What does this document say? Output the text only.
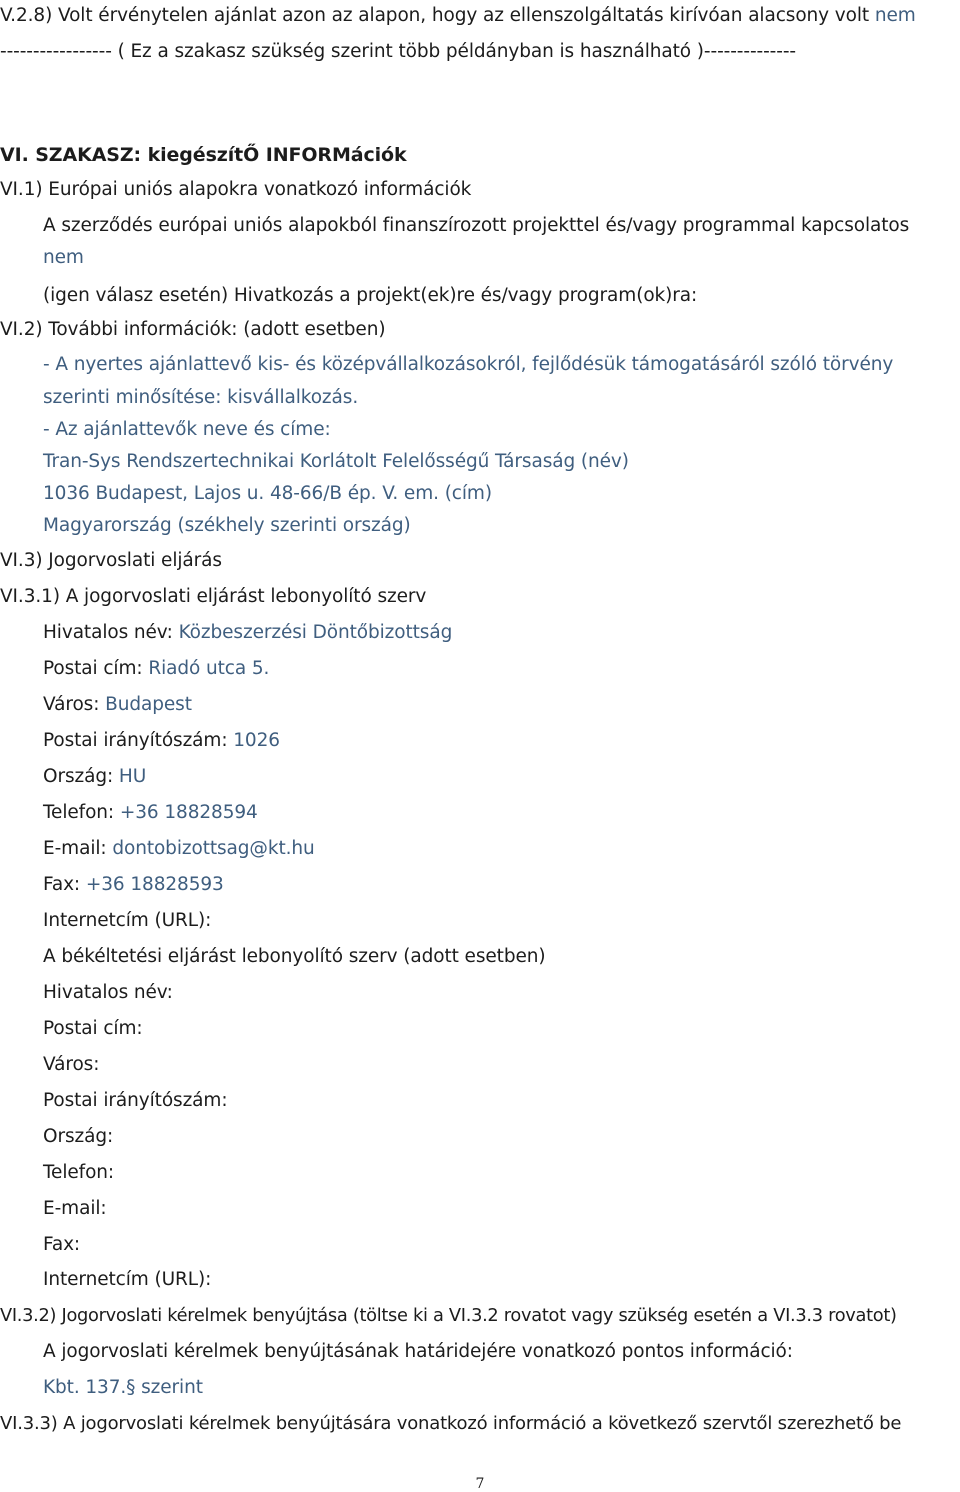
V.2.8) Volt érvénytelen ajánlat azon az alapon, hogy az ellenszolgáltatás kirívóan alacsony volt nem
----------------- ( Ez a szakasz szükség szerint több példányban is használható )--------------
VI. SZAKASZ: kiegészítŐ INFORMációk
VI.1) Európai uniós alapokra vonatkozó információk
A szerződés európai uniós alapokból finanszírozott projekttel és/vagy programmal kapcsolatos
nem
(igen válasz esetén) Hivatkozás a projekt(ek)re és/vagy program(ok)ra:
VI.2) További információk: (adott esetben)
- A nyertes ajánlattevő kis- és középvállalkozásokról, fejlődésük támogatásáról szóló törvény
szerinti minősítése: kisvállalkozás.
- Az ajánlattevők neve és címe:
Tran-Sys Rendszertechnikai Korlátolt Felelősségű Társaság (név)
1036 Budapest, Lajos u. 48-66/B ép. V. em. (cím)
Magyarország (székhely szerinti ország)
VI.3) Jogorvoslati eljárás
VI.3.1) A jogorvoslati eljárást lebonyolító szerv
Hivatalos név: Közbeszerzési Döntőbizottság
Postai cím: Riadó utca 5.
Város: Budapest
Postai irányítószám: 1026
Ország: HU
Telefon: +36 18828594
E-mail: dontobizottsag@kt.hu
Fax: +36 18828593
Internetcím (URL):
A békéltetési eljárást lebonyolító szerv (adott esetben)
Hivatalos név:
Postai cím:
Város:
Postai irányítószám:
Ország:
Telefon:
E-mail:
Fax:
Internetcím (URL):
VI.3.2) Jogorvoslati kérelmek benyújtása (töltse ki a VI.3.2 rovatot vagy szükség esetén a VI.3.3 rovatot)
A jogorvoslati kérelmek benyújtásának határidejére vonatkozó pontos információ:
Kbt. 137.§ szerint
VI.3.3) A jogorvoslati kérelmek benyújtására vonatkozó információ a következő szervtől szerezhető be
7
